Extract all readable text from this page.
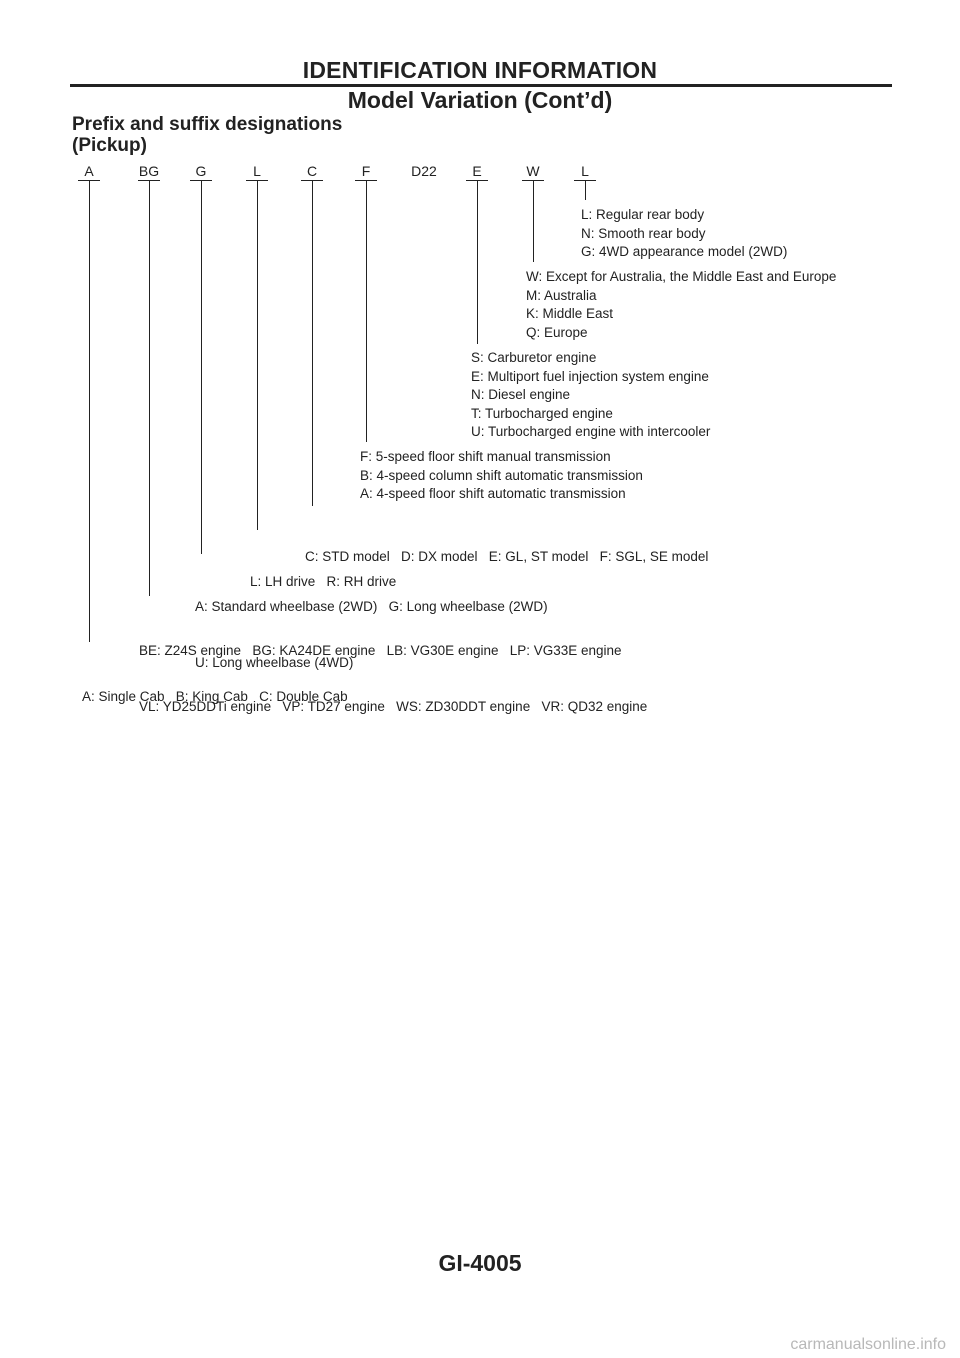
IDENTIFICATION INFORMATION
Model Variation (Cont’d)
Prefix and suffix designations
(Pickup)
A	BG	G	L	C	F	D22	E	W	L
L: Regular rear body
N: Smooth rear body
G: 4WD appearance model (2WD)
W: Except for Australia, the Middle East and Europe
M: Australia
K: Middle East
Q: Europe
S: Carburetor engine
E: Multiport fuel injection system engine
N: Diesel engine
T: Turbocharged engine
U: Turbocharged engine with intercooler
F: 5-speed floor shift manual transmission
B: 4-speed column shift automatic transmission
A: 4-speed floor shift automatic transmission

C: STD model   D: DX model   E: GL, ST model   F: SGL, SE model

L: LH drive   R: RH drive

A: Standard wheelbase (2WD)   G: Long wheelbase (2WD)

U: Long wheelbase (4WD)

BE: Z24S engine   BG: KA24DE engine   LB: VG30E engine   LP: VG33E engine

VL: YD25DDTi engine   VP: TD27 engine   WS: ZD30DDT engine   VR: QD32 engine

A: Single Cab   B: King Cab   C: Double Cab

GI-4005
carmanualsonline.info
